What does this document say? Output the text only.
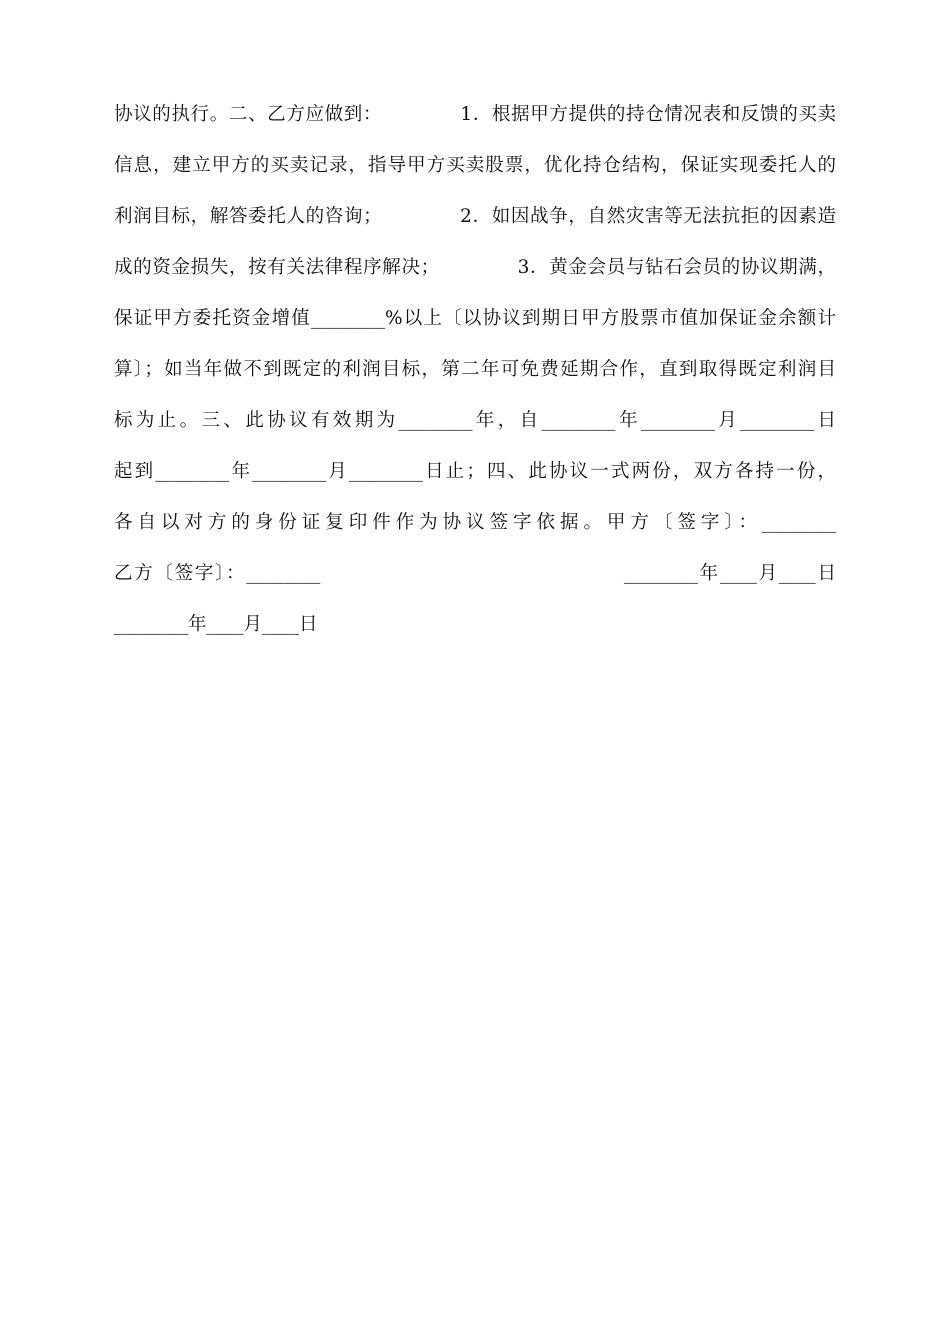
协议的执行。二、乙方应做到：            1．根据甲方提供的持仓情况表和反馈的买卖
信息，建立甲方的买卖记录，指导甲方买卖股票，优化持仓结构，保证实现委托人的
利润目标，解答委托人的咨询；            2．如因战争，自然灾害等无法抗拒的因素造
成的资金损失，按有关法律程序解决；            3．黄金会员与钻石会员的协议期满，
保证甲方委托资金增值________%以上〔以协议到期日甲方股票市值加保证金余额计
算〕；如当年做不到既定的利润目标，第二年可免费延期合作，直到取得既定利润目
标为止。三、此协议有效期为________年，自________年________月________日
起到________年________月________日止；四、此协议一式两份，双方各持一份，
各自以对方的身份证复印件作为协议签字依据。甲方〔签字〕：________
乙方〔签字〕：________                                        ________年____月____日
________年____月____日
